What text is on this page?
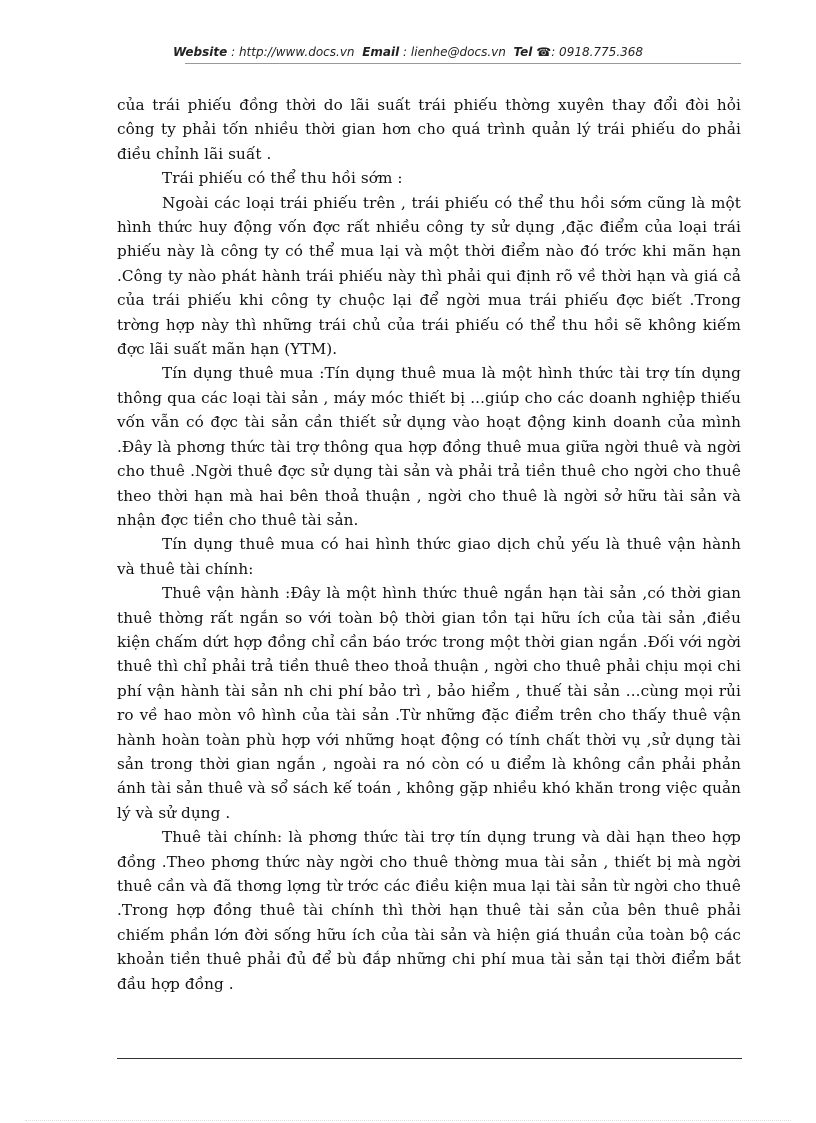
Website : http://www.docs.vn Email : lienhe@docs.vn Tel ☎: 0918.775.368

của trái phiếu đồng thời do lãi suất trái phiếu thờng xuyên thay đổi đòi hỏi công ty phải tốn nhiều thời gian hơn cho quá trình quản lý trái phiếu do phải điều chỉnh lãi suất .

Trái phiếu có thể thu hồi sớm :

Ngoài các loại trái phiếu trên , trái phiếu có thể thu hồi sớm cũng là một hình thức huy động vốn đợc rất nhiều công ty sử dụng ,đặc điểm của loại trái phiếu này là công ty có thể mua lại và một thời điểm nào đó trớc khi mãn hạn .Công ty nào phát hành trái phiếu này thì phải qui định rõ về thời hạn và giá cả của trái phiếu khi công ty chuộc lại để ngời mua trái phiếu đợc biết .Trong trờng hợp này thì những trái chủ của trái phiếu có thể thu hồi sẽ không kiếm đợc lãi suất mãn hạn (YTM).

Tín dụng thuê mua :Tín dụng thuê mua là một hình thức tài trợ tín dụng thông qua các loại tài sản , máy móc thiết bị ...giúp cho các doanh nghiệp thiếu vốn vẫn có đợc tài sản cần thiết sử dụng vào hoạt động kinh doanh của mình .Đây là phơng thức tài trợ thông qua hợp đồng thuê mua giữa ngời thuê và ngời cho thuê .Ngời thuê đợc sử dụng tài sản và phải trả tiền thuê cho ngời cho thuê theo thời hạn mà hai bên thoả thuận , ngời cho thuê là ngời sở hữu tài sản và nhận đợc tiền cho thuê tài sản.

Tín dụng thuê mua có hai hình thức giao dịch chủ yếu là thuê vận hành và thuê tài chính:

Thuê vận hành :Đây là một hình thức thuê ngắn hạn tài sản ,có thời gian thuê thờng rất ngắn so với toàn bộ thời gian tồn tại hữu ích của tài sản ,điều kiện chấm dứt hợp đồng chỉ cần báo trớc trong một thời gian ngắn .Đối với ngời thuê thì chỉ phải trả tiền thuê theo thoả thuận , ngời cho thuê phải chịu mọi chi phí vận hành tài sản nh chi phí bảo trì , bảo hiểm , thuế tài sản ...cùng mọi rủi ro về hao mòn vô hình của tài sản .Từ những đặc điểm trên cho thấy thuê vận hành hoàn toàn phù hợp với những hoạt động có tính chất thời vụ ,sử dụng tài sản trong thời gian ngắn , ngoài ra nó còn có u điểm là không cần phải phản ánh tài sản thuê và sổ sách kế toán , không gặp nhiều khó khăn trong việc quản lý và sử dụng .

Thuê tài chính: là phơng thức tài trợ tín dụng trung và dài hạn theo hợp đồng .Theo phơng thức này ngời cho thuê thờng mua tài sản , thiết bị mà ngời thuê cần và đã thơng lợng từ trớc các điều kiện mua lại tài sản từ ngời cho thuê .Trong hợp đồng thuê tài chính thì thời hạn thuê tài sản của bên thuê phải chiếm phần lớn đời sống hữu ích của tài sản và hiện giá thuần của toàn bộ các khoản tiền thuê phải đủ để bù đắp những chi phí mua tài sản tại thời điểm bắt đầu hợp đồng .
